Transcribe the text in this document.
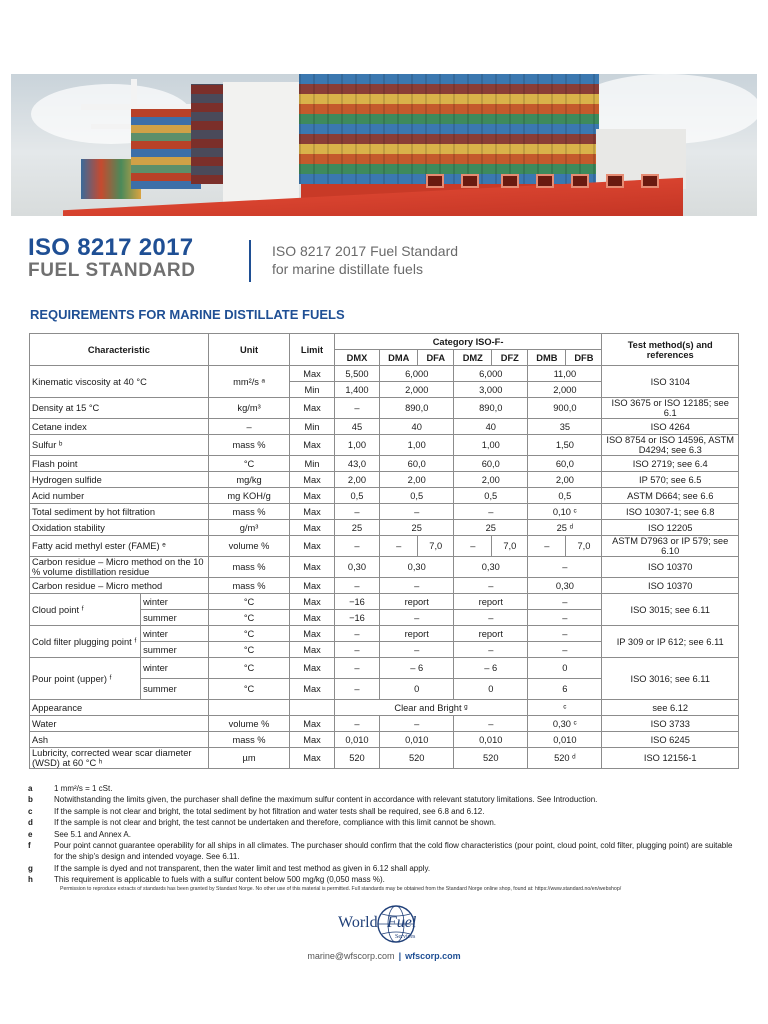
ISO 8217 2017
FUEL STANDARD
ISO 8217 2017 Fuel Standard
for marine distillate fuels
REQUIREMENTS FOR MARINE DISTILLATE FUELS
Characteristic		Unit	Limit	Category ISO-F-							Test method(s) and references
				DMX	DMA	DFA	DMZ	DFZ	DMB	DFB	
Kinematic viscosity at 40 °C		mm²/s ᵃ	Max	5,500	6,000		6,000		11,00		ISO 3104
			Min	1,400	2,000		3,000		2,000		
Density at 15 °C		kg/m³	Max	–	890,0		890,0		900,0		ISO 3675 or ISO 12185; see 6.1
Cetane index		–	Min	45	40		40		35		ISO 4264
Sulfur ᵇ		mass %	Max	1,00	1,00		1,00		1,50		ISO 8754 or ISO 14596, ASTM D4294; see 6.3
Flash point		°C	Min	43,0	60,0		60,0		60,0		ISO 2719; see 6.4
Hydrogen sulfide		mg/kg	Max	2,00	2,00		2,00		2,00		IP 570; see 6.5
Acid number		mg KOH/g	Max	0,5	0,5		0,5		0,5		ASTM D664; see 6.6
Total sediment by hot filtration		mass %	Max	–	–		–		0,10 ᶜ		ISO 10307-1; see 6.8
Oxidation stability		g/m³	Max	25	25		25		25 ᵈ		ISO 12205
Fatty acid methyl ester (FAME) ᵉ		volume %	Max	–	–	7,0	–	7,0	–	7,0	ASTM D7963 or IP 579; see 6.10
Carbon residue – Micro method on the 10 % volume distillation residue		mass %	Max	0,30	0,30		0,30		–		ISO 10370
Carbon residue – Micro method		mass %	Max	–	–		–		0,30		ISO 10370
Cloud point ᶠ	winter	°C	Max	−16	report		report		–		ISO 3015; see 6.11
	summer	°C	Max	−16	–		–		–		
Cold filter plugging point ᶠ	winter	°C	Max	–	report		report		–		IP 309 or IP 612; see 6.11
	summer	°C	Max	–	–		–		–		
Pour point (upper) ᶠ	winter	°C	Max	–	– 6		– 6		0		ISO 3016; see 6.11
	summer	°C	Max	–	0		0		6		
Appearance				Clear and Bright ᵍ					ᶜ		see 6.12
Water		volume %	Max	–	–		–		0,30 ᶜ		ISO 3733
Ash		mass %	Max	0,010	0,010		0,010		0,010		ISO 6245
Lubricity, corrected wear scar diameter (WSD) at 60 °C ʰ		µm	Max	520	520		520		520 ᵈ		ISO 12156-1
a	1 mm²/s = 1 cSt.
b	Notwithstanding the limits given, the purchaser shall define the maximum sulfur content in accordance with relevant statutory limitations. See Introduction.
c	If the sample is not clear and bright, the total sediment by hot filtration and water tests shall be required, see 6.8 and 6.12.
d	If the sample is not clear and bright, the test cannot be undertaken and therefore, compliance with this limit cannot be shown.
e	See 5.1 and Annex A.
f	Pour point cannot guarantee operability for all ships in all climates. The purchaser should confirm that the cold flow characteristics (pour point, cloud point, cold filter, plugging point) are suitable for the ship's design and intended voyage. See 6.11.
g	If the sample is dyed and not transparent, then the water limit and test method as given in 6.12 shall apply.
h	This requirement is applicable to fuels with a sulfur content below 500 mg/kg (0,050 mass %).
Permission to reproduce extracts of standards has been granted by Standard Norge. No other use of this material is permitted. Full standards may be obtained from the Standard Norge online shop, found at: https://www.standard.no/en/webshop/
World Fuel
Services
marine@wfscorp.com | wfscorp.com
